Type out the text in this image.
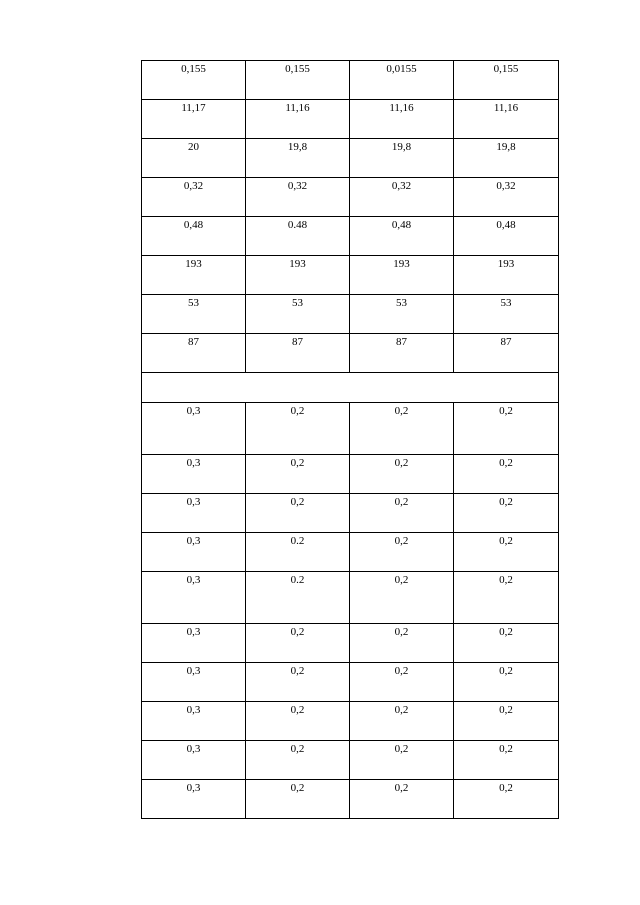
0,155	0,155	0,0155	0,155

11,17	11,16	11,16	11,16

20	19,8	19,8	19,8

0,32	0,32	0,32	0,32

0,48	0.48	0,48	0,48

193	193	193	193

53	53	53	53

87	87	87	87

0,3	0,2	0,2	0,2

0,3	0,2	0,2	0,2

0,3	0,2	0,2	0,2

0,3	0.2	0,2	0,2

0,3	0.2	0,2	0,2

0,3	0,2	0,2	0,2

0,3	0,2	0,2	0,2

0,3	0,2	0,2	0,2

0,3	0,2	0,2	0,2

0,3	0,2	0,2	0,2
